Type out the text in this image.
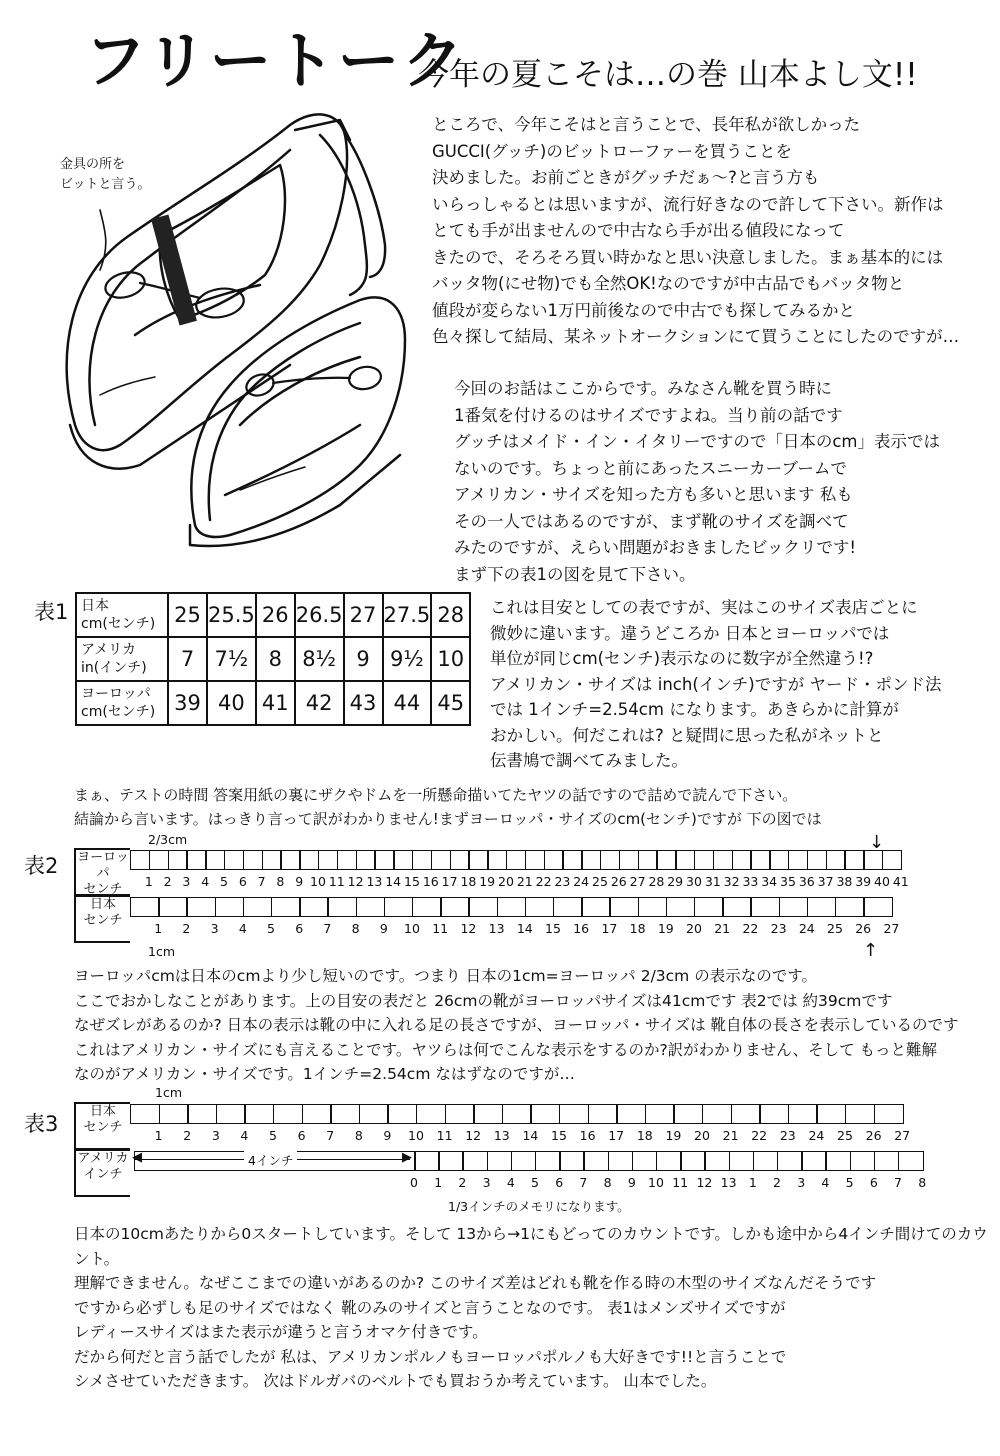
フリートーク
今年の夏こそは…の巻 山本よし文!!
金具の所を
ビットと言う。
ところで、今年こそはと言うことで、長年私が欲しかった
GUCCI(グッチ)のビットローファーを買うことを
決めました。お前ごときがグッチだぁ〜?と言う方も
いらっしゃるとは思いますが、流行好きなので許して下さい。新作は
とても手が出ませんので中古なら手が出る値段になって
きたので、そろそろ買い時かなと思い決意しました。まぁ基本的には
バッタ物(にせ物)でも全然OK!なのですが中古品でもバッタ物と
値段が変らない1万円前後なので中古でも探してみるかと
色々探して結局、某ネットオークションにて買うことにしたのですが…
今回のお話はここからです。みなさん靴を買う時に
1番気を付けるのはサイズですよね。当り前の話です
グッチはメイド・イン・イタリーですので「日本のcm」表示では
ないのです。ちょっと前にあったスニーカーブームで
アメリカン・サイズを知った方も多いと思います 私も
その一人ではあるのですが、まず靴のサイズを調べて
みたのですが、えらい問題がおきましたビックリです!
まず下の表1の図を見て下さい。
表1 日本
cm(センチ)	25	25.5	26	26.5	27	27.5	28
アメリカ
in(インチ)	7	7½	8	8½	9	9½	10
ヨーロッパ
cm(センチ)	39	40	41	42	43	44	45
これは目安としての表ですが、実はこのサイズ表店ごとに
微妙に違います。違うどころか 日本とヨーロッパでは
単位が同じcm(センチ)表示なのに数字が全然違う!?
アメリカン・サイズは inch(インチ)ですが ヤード・ポンド法
では 1インチ=2.54cm になります。あきらかに計算が
おかしい。何だこれは? と疑問に思った私がネットと
伝書鳩で調べてみました。
まぁ、テストの時間 答案用紙の裏にザクやドムを一所懸命描いてたヤツの話ですので詰めで読んで下さい。
結論から言います。はっきり言って訳がわかりません!まずヨーロッパ・サイズのcm(センチ)ですが 下の図では
表2
2/3cm
ヨーロッパ
センチ
日本
センチ
1 2 3 4 5 6 7 8 9 10 11 12 13 14 15 16 17 18 19 20 21 22 23 24 25 26 27 28 29 30 31 32 33 34 35 36 37 38 39 40 41
1	2	3	4	5	6	7	8	9	10 11 12 13 14 15 16 17 18 19 20 21 22 23 24 25 26 27
1cm
↓
↑
ヨーロッパcmは日本のcmより少し短いのです。つまり 日本の1cm=ヨーロッパ 2/3cm の表示なのです。
ここでおかしなことがあります。上の目安の表だと 26cmの靴がヨーロッパサイズは41cmです 表2では 約39cmです
なぜズレがあるのか? 日本の表示は靴の中に入れる足の長さですが、ヨーロッパ・サイズは 靴自体の長さを表示しているのです
これはアメリカン・サイズにも言えることです。ヤツらは何でこんな表示をするのか?訳がわかりません、そして もっと難解
なのがアメリカン・サイズです。1インチ=2.54cm なはずなのですが…
表3
1cm
日本
センチ
アメリカ
インチ
1	2	3	4	5	6	7	8	9	10 11 12 13 14 15 16 17 18 19 20 21 22 23 24 25 26 27
0	1	2	3	4	5	6	7	8	9 10 11 12 13 1	2	3	4	5	6	7	8
◀	▶
4インチ
1/3インチのメモリになります。
日本の10cmあたりから0スタートしています。そして 13から→1にもどってのカウントです。しかも途中から4インチ間けてのカウント。
理解できません。なぜここまでの違いがあるのか? このサイズ差はどれも靴を作る時の木型のサイズなんだそうです
ですから必ずしも足のサイズではなく 靴のみのサイズと言うことなのです。 表1はメンズサイズですが
レディースサイズはまた表示が違うと言うオマケ付きです。
だから何だと言う話でしたが 私は、アメリカンポルノもヨーロッパポルノも大好きです!!と言うことで
シメさせていただきます。 次はドルガバのベルトでも買おうか考えています。 山本でした。
